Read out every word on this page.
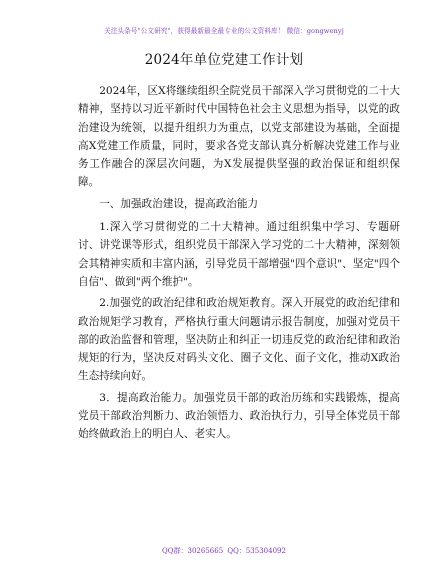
关注头条号"公文研究"，获得最新最全最专业的公文资料库！ 微信：gongwenyj
2024年单位党建工作计划

2024年，区X将继续组织全院党员干部深入学习贯彻党的二十大精神，坚持以习近平新时代中国特色社会主义思想为指导，以党的政治建设为统领，以提升组织力为重点，以党支部建设为基础，全面提高X党建工作质量，同时，要求各党支部认真分析解决党建工作与业务工作融合的深层次问题，为X发展提供坚强的政治保证和组织保障。

一、加强政治建设，提高政治能力

1.深入学习贯彻党的二十大精神。通过组织集中学习、专题研讨、讲党课等形式，组织党员干部深入学习党的二十大精神，深刻领会其精神实质和丰富内涵，引导党员干部增强"四个意识"、坚定"四个自信"、做到"两个维护"。

2.加强党的政治纪律和政治规矩教育。深入开展党的政治纪律和政治规矩学习教育，严格执行重大问题请示报告制度，加强对党员干部的政治监督和管理，坚决防止和纠正一切违反党的政治纪律和政治规矩的行为，坚决反对码头文化、圈子文化、面子文化，推动X政治生态持续向好。

3．提高政治能力。加强党员干部的政治历练和实践锻炼，提高党员干部政治判断力、政治领悟力、政治执行力，引导全体党员干部始终做政治上的明白人、老实人。

QQ群：30265665 QQ：535304092
